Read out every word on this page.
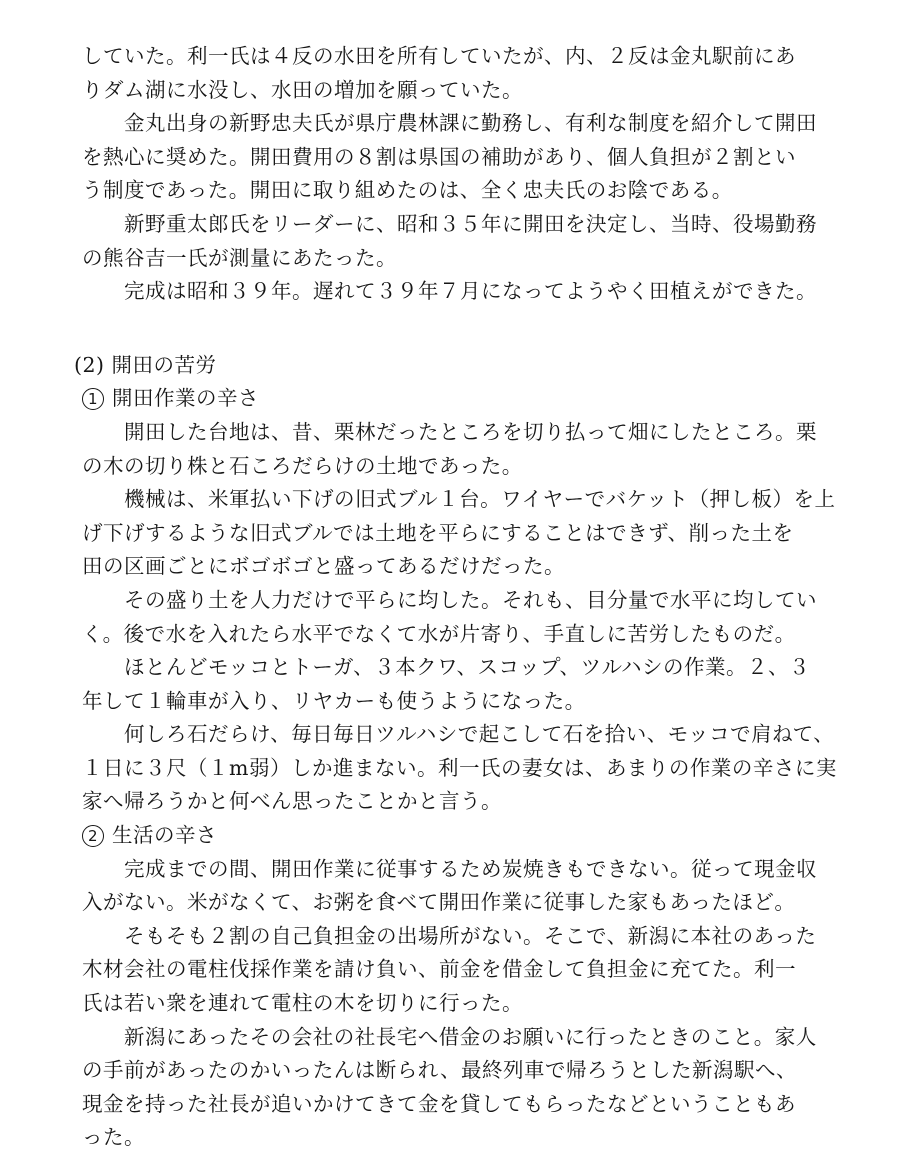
していた。利一氏は４反の水田を所有していたが、内、２反は金丸駅前にあ
りダム湖に水没し、水田の増加を願っていた。
金丸出身の新野忠夫氏が県庁農林課に勤務し、有利な制度を紹介して開田
を熱心に奨めた。開田費用の８割は県国の補助があり、個人負担が２割とい
う制度であった。開田に取り組めたのは、全く忠夫氏のお陰である。
新野重太郎氏をリーダーに、昭和３５年に開田を決定し、当時、役場勤務
の熊谷吉一氏が測量にあたった。
完成は昭和３９年。遅れて３９年７月になってようやく田植えができた。
(2) 開田の苦労
1 開田作業の辛さ
開田した台地は、昔、栗林だったところを切り払って畑にしたところ。栗
の木の切り株と石ころだらけの土地であった。
機械は、米軍払い下げの旧式ブル１台。ワイヤーでバケット（押し板）を上
げ下げするような旧式ブルでは土地を平らにすることはできず、削った土を
田の区画ごとにボゴボゴと盛ってあるだけだった。
その盛り土を人力だけで平らに均した。それも、目分量で水平に均してい
く。後で水を入れたら水平でなくて水が片寄り、手直しに苦労したものだ。
ほとんどモッコとトーガ、３本クワ、スコップ、ツルハシの作業。２、３
年して１輪車が入り、リヤカーも使うようになった。
何しろ石だらけ、毎日毎日ツルハシで起こして石を拾い、モッコで肩ねて、
１日に３尺（１m弱）しか進まない。利一氏の妻女は、あまりの作業の辛さに実
家へ帰ろうかと何べん思ったことかと言う。
2 生活の辛さ
完成までの間、開田作業に従事するため炭焼きもできない。従って現金収
入がない。米がなくて、お粥を食べて開田作業に従事した家もあったほど。
そもそも２割の自己負担金の出場所がない。そこで、新潟に本社のあった
木材会社の電柱伐採作業を請け負い、前金を借金して負担金に充てた。利一
氏は若い衆を連れて電柱の木を切りに行った。
新潟にあったその会社の社長宅へ借金のお願いに行ったときのこと。家人
の手前があったのかいったんは断られ、最終列車で帰ろうとした新潟駅へ、
現金を持った社長が追いかけてきて金を貸してもらったなどということもあ
った。
